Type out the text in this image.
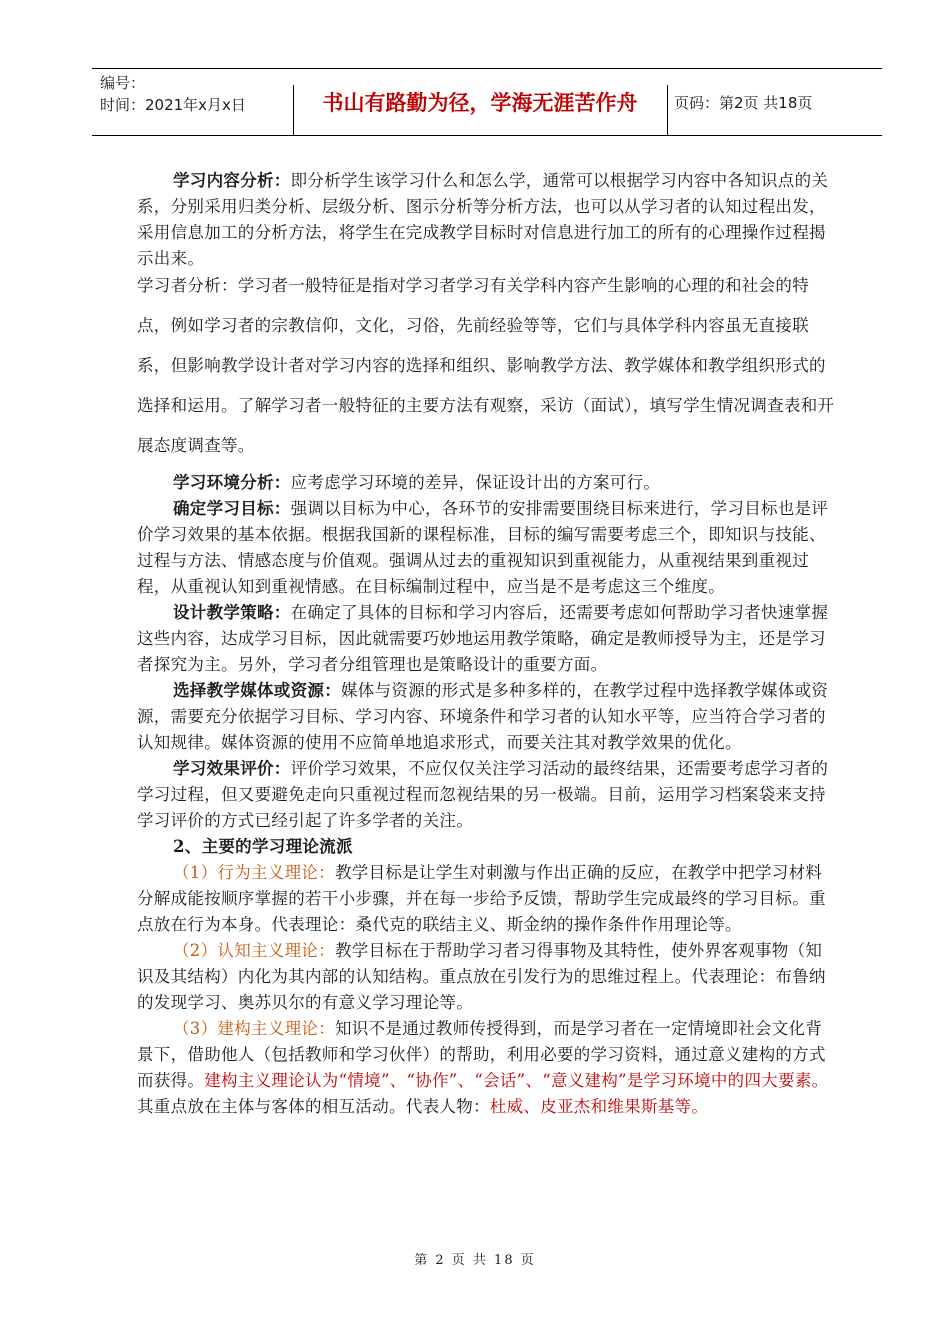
编号：
时间：2021年x月x日	书山有路勤为径，学海无涯苦作舟	页码：第2页 共18页

学习内容分析：即分析学生该学习什么和怎么学，通常可以根据学习内容中各知识点的关系，分别采用归类分析、层级分析、图示分析等分析方法，也可以从学习者的认知过程出发，采用信息加工的分析方法，将学生在完成教学目标时对信息进行加工的所有的心理操作过程揭示出来。

学习者分析：学习者一般特征是指对学习者学习有关学科内容产生影响的心理的和社会的特点，例如学习者的宗教信仰，文化，习俗，先前经验等等，它们与具体学科内容虽无直接联系，但影响教学设计者对学习内容的选择和组织、影响教学方法、教学媒体和教学组织形式的选择和运用。了解学习者一般特征的主要方法有观察，采访（面试），填写学生情况调查表和开展态度调查等。

学习环境分析：应考虑学习环境的差异，保证设计出的方案可行。

确定学习目标：强调以目标为中心，各环节的安排需要围绕目标来进行，学习目标也是评价学习效果的基本依据。根据我国新的课程标准，目标的编写需要考虑三个，即知识与技能、过程与方法、情感态度与价值观。强调从过去的重视知识到重视能力，从重视结果到重视过程，从重视认知到重视情感。在目标编制过程中，应当是不是考虑这三个维度。

设计教学策略：在确定了具体的目标和学习内容后，还需要考虑如何帮助学习者快速掌握这些内容，达成学习目标，因此就需要巧妙地运用教学策略，确定是教师授导为主，还是学习者探究为主。另外，学习者分组管理也是策略设计的重要方面。

选择教学媒体或资源：媒体与资源的形式是多种多样的，在教学过程中选择教学媒体或资源，需要充分依据学习目标、学习内容、环境条件和学习者的认知水平等，应当符合学习者的认知规律。媒体资源的使用不应简单地追求形式，而要关注其对教学效果的优化。

学习效果评价：评价学习效果，不应仅仅关注学习活动的最终结果，还需要考虑学习者的学习过程，但又要避免走向只重视过程而忽视结果的另一极端。目前，运用学习档案袋来支持学习评价的方式已经引起了许多学者的关注。

2、主要的学习理论流派

（1）行为主义理论：教学目标是让学生对刺激与作出正确的反应，在教学中把学习材料分解成能按顺序掌握的若干小步骤，并在每一步给予反馈，帮助学生完成最终的学习目标。重点放在行为本身。代表理论：桑代克的联结主义、斯金纳的操作条件作用理论等。

（2）认知主义理论：教学目标在于帮助学习者习得事物及其特性，使外界客观事物（知识及其结构）内化为其内部的认知结构。重点放在引发行为的思维过程上。代表理论：布鲁纳的发现学习、奥苏贝尔的有意义学习理论等。

（3）建构主义理论：知识不是通过教师传授得到，而是学习者在一定情境即社会文化背景下，借助他人（包括教师和学习伙伴）的帮助，利用必要的学习资料，通过意义建构的方式而获得。建构主义理论认为“情境”、“协作”、“会话”、“意义建构”是学习环境中的四大要素。其重点放在主体与客体的相互活动。代表人物：杜威、皮亚杰和维果斯基等。

第 2 页 共 18 页
